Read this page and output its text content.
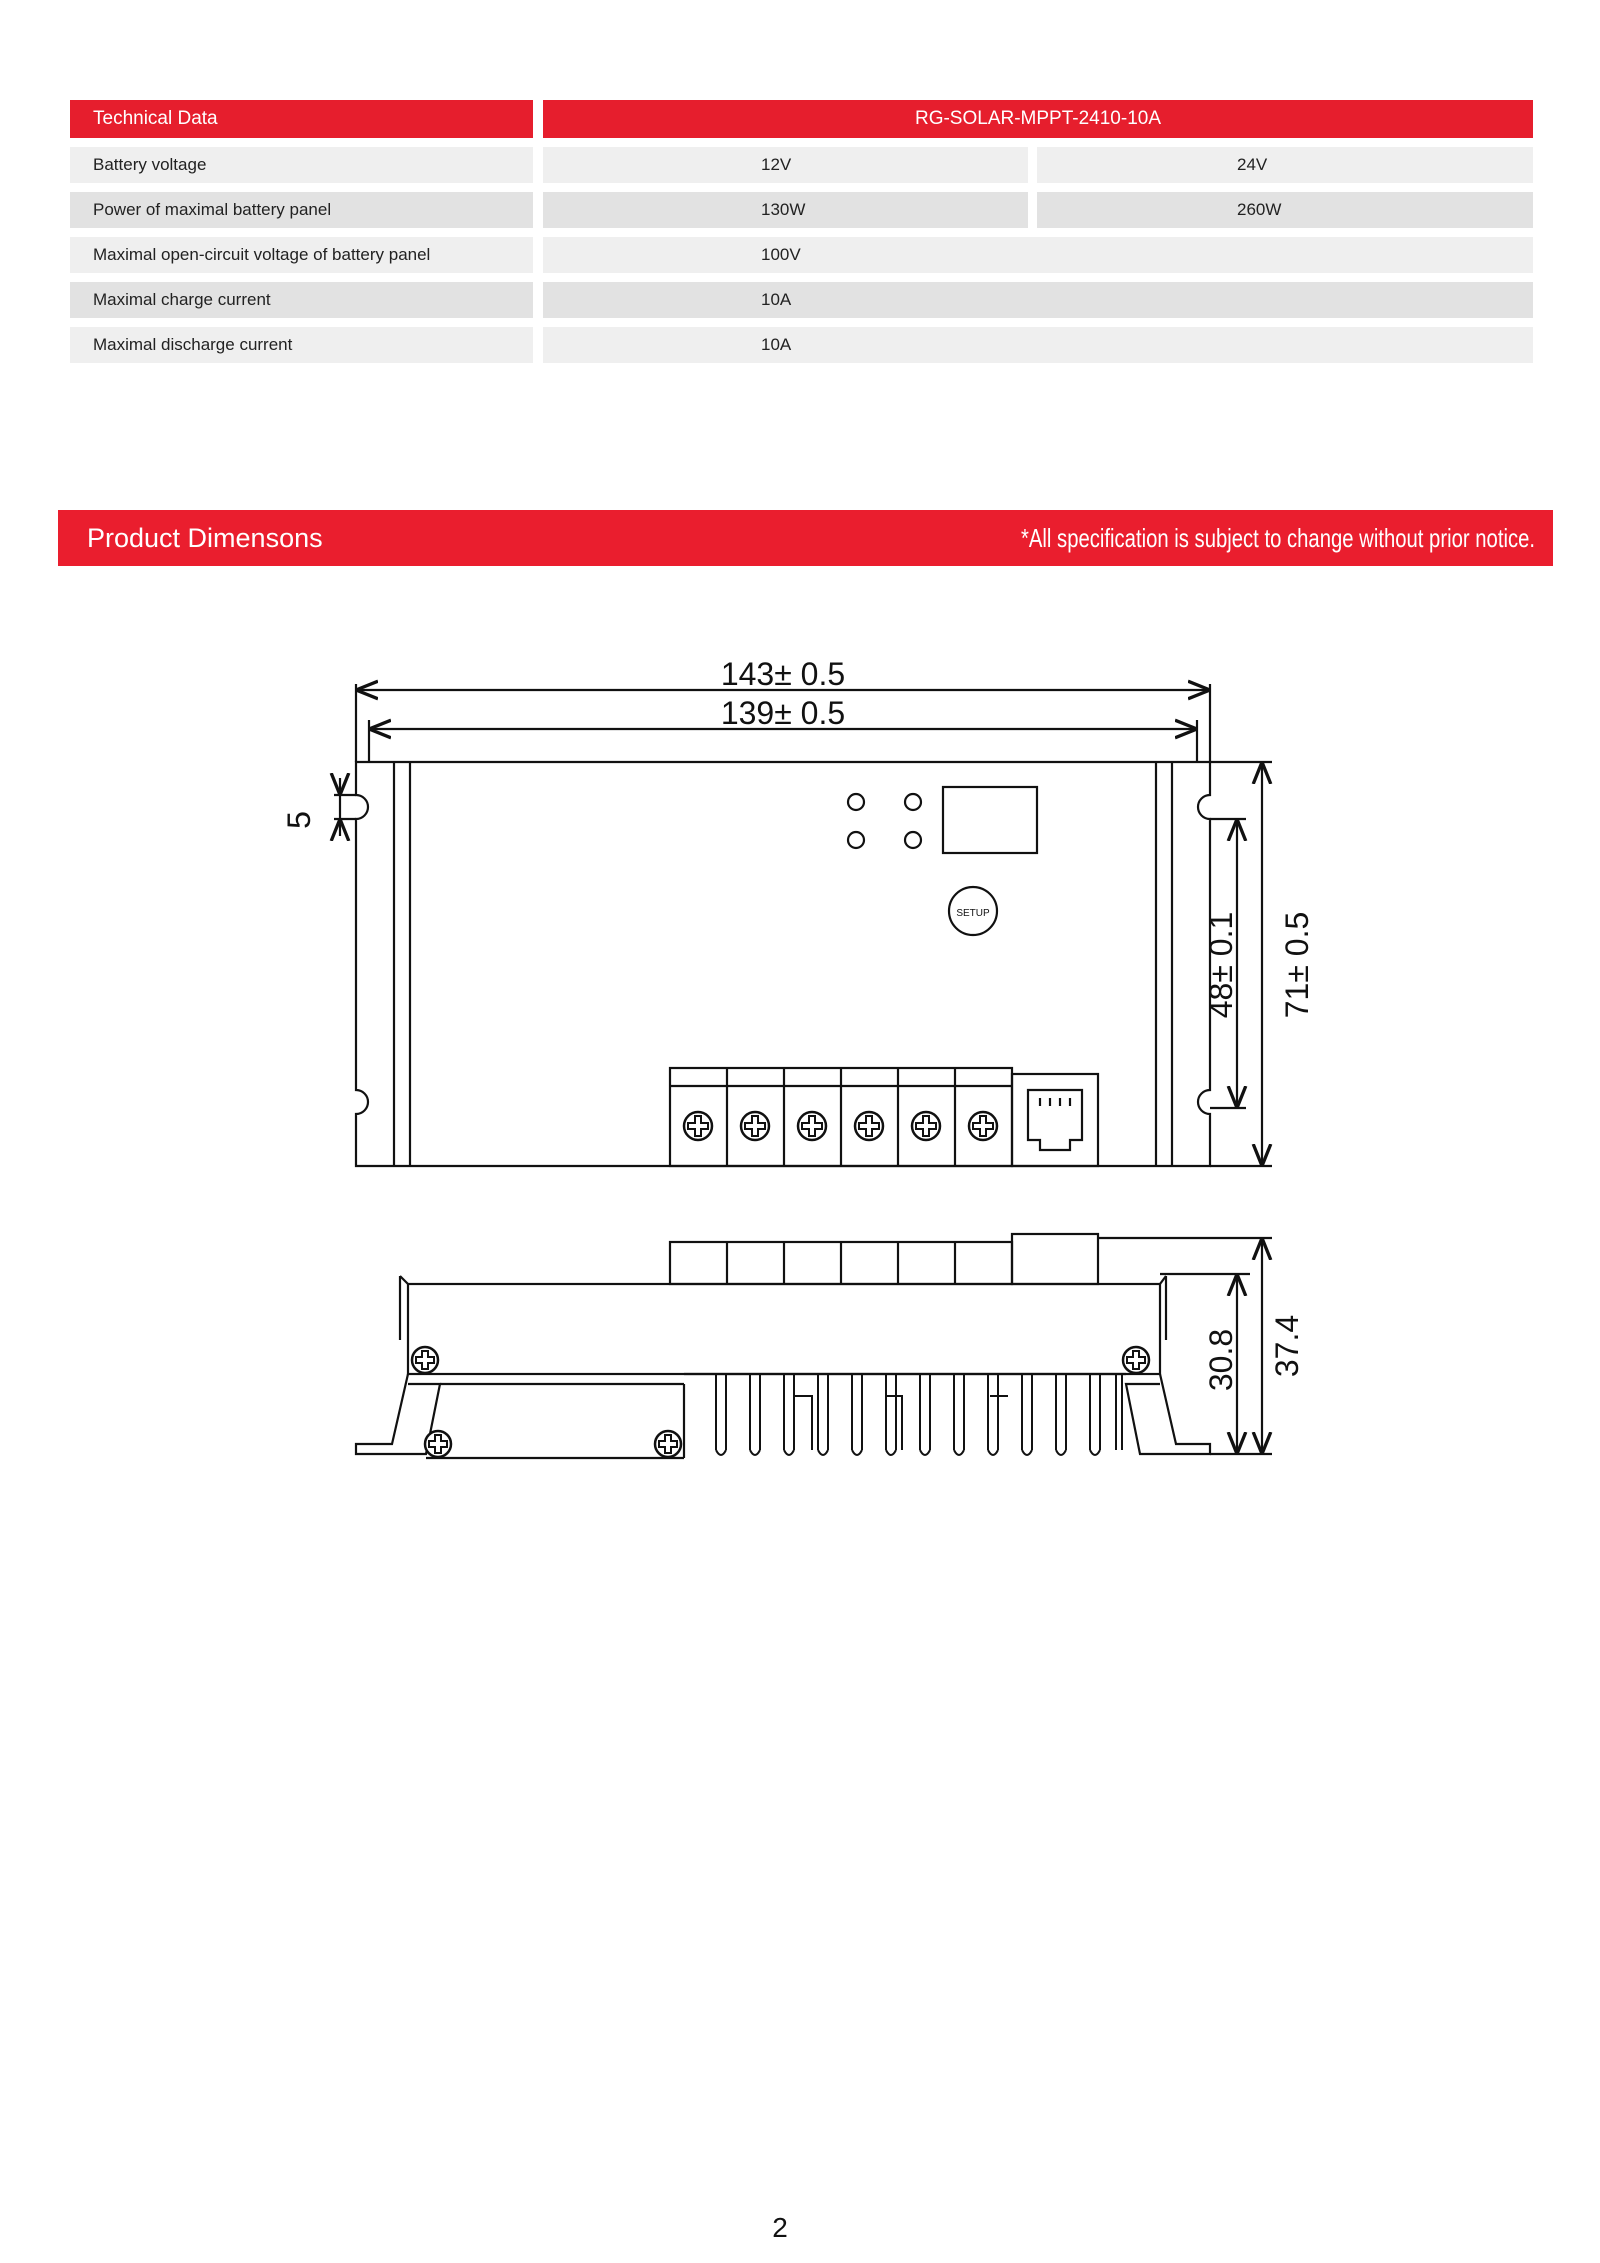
Technical Data	RG-SOLAR-MPPT-2410-10A
Battery voltage	12V	24V
Power of maximal battery panel	130W	260W
Maximal open-circuit voltage of battery panel	100V
Maximal charge current	10A
Maximal discharge current	10A
Product Dimensons	*All specification is subject to change without prior notice.
143± 0.5
139± 0.5
5
48± 0.1 71± 0.5
30.8 37.4
SETUP
2
